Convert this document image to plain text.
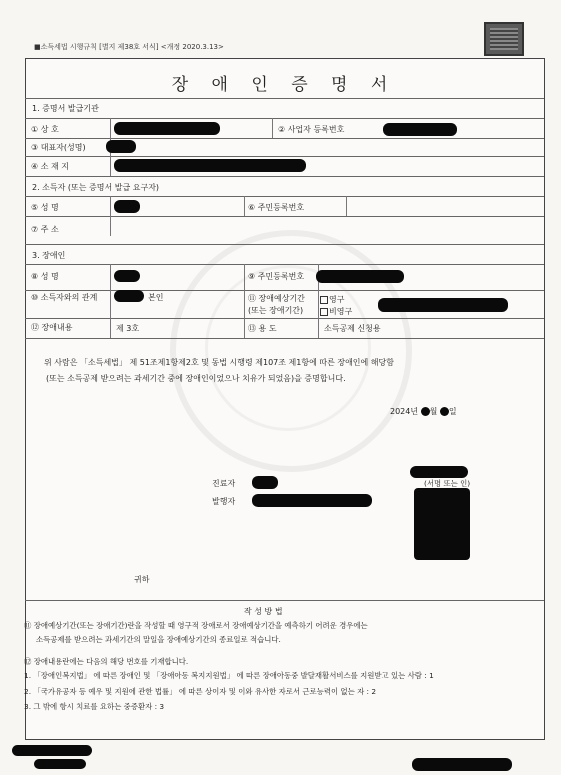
■소득세법 시행규칙 [별지 제38호 서식] <개정 2020.3.13>
장 애 인 증 명 서
1. 증명서 발급기관
① 상 호	② 사업자 등록번호
③ 대표자(성명)
④ 소 재 지
2. 소득자 (또는 증명서 발급 요구자)
⑤ 성 명	⑥ 주민등록번호
⑦ 주 소
3. 장애인
⑧ 성 명	⑨ 주민등록번호
⑩ 소득자와의 관계	본인	⑪ 장애예상기간
(또는 장애기간)
영구
비영구
⑫ 장애내용	제 3호	⑬ 용 도	소득공제 신청용
위 사람은 「소득세법」 제 51조제1항제2호 및 동법 시행령 제107조 제1항에 따른 장애인에 해당함
(또는 소득공제 받으려는 과세기간 중에 장애인이었으나 치유가 되었음)을 증명합니다.
2024년 월 일
진료자
발행자
(서명 또는 인)
귀하
작 성 방 법
⑪ 장애예상기간(또는 장애기간)란을 작성할 때 영구적 장애로서 장애예상기간을 예측하기 어려운 경우에는
소득공제를 받으려는 과세기간의 말일을 장애예상기간의 종료일로 적습니다.
⑫ 장애내용란에는 다음의 해당 번호를 기재합니다.
1. 「장애인복지법」 에 따른 장애인 및 「장애아동 복지지원법」 에 따른 장애아동중 발달재활서비스를 지원받고 있는 사람 : 1
2. 「국가유공자 등 예우 및 지원에 관한 법률」 에 따른 상이자 및 이와 유사한 자로서 근로능력이 없는 자 : 2
3. 그 밖에 항시 치료를 요하는 중증환자 : 3
